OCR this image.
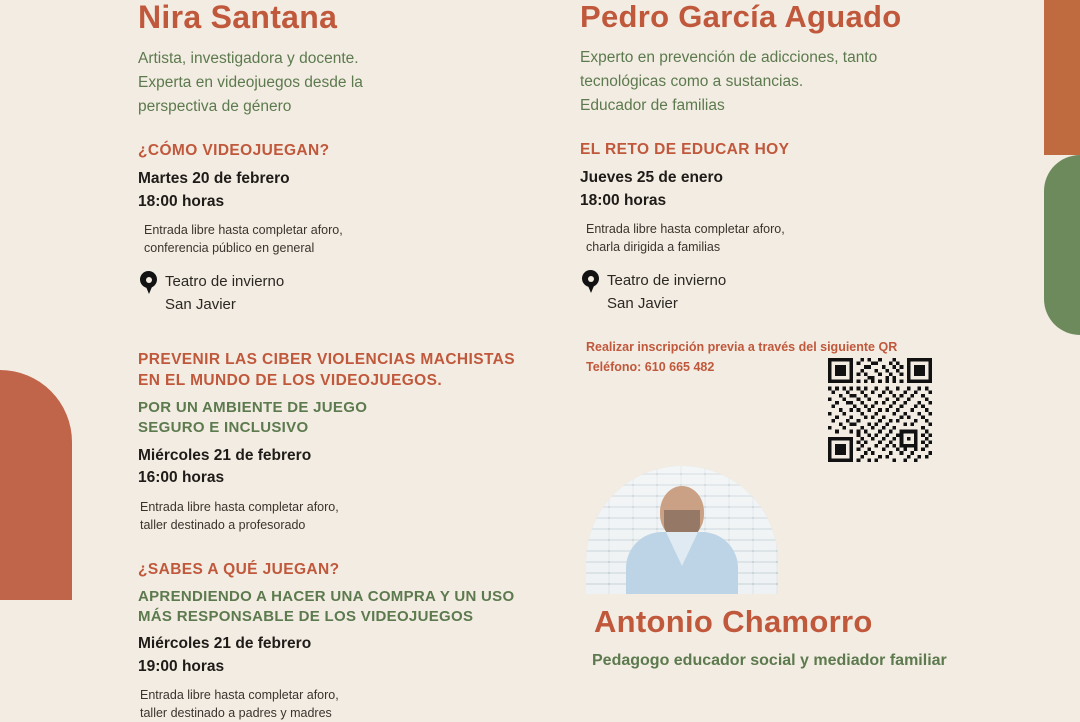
Nira Santana

Artista, investigadora y docente.
Experta en videojuegos desde la
perspectiva de género

¿CÓMO VIDEOJUEGAN?

Martes 20 de febrero
18:00 horas

Entrada libre hasta completar aforo,
conferencia público en general

Teatro de invierno
San Javier

PREVENIR LAS CIBER VIOLENCIAS MACHISTAS
EN EL MUNDO DE LOS VIDEOJUEGOS.

POR UN AMBIENTE DE JUEGO
SEGURO E INCLUSIVO

Miércoles 21 de febrero
16:00 horas

Entrada libre hasta completar aforo,
taller destinado a profesorado

¿SABES A QUÉ JUEGAN?

APRENDIENDO A HACER UNA COMPRA Y UN USO
MÁS RESPONSABLE DE LOS VIDEOJUEGOS

Miércoles 21 de febrero
19:00 horas

Entrada libre hasta completar aforo,
taller destinado a padres y madres

Pedro García Aguado

Experto en prevención de adicciones, tanto
tecnológicas como a sustancias.
Educador de familias

EL RETO DE EDUCAR HOY

Jueves 25 de enero
18:00 horas

Entrada libre hasta completar aforo,
charla dirigida a familias

Teatro de invierno
San Javier

Realizar inscripción previa a través del siguiente QR
Teléfono: 610 665 482

Antonio Chamorro

Pedagogo educador social y mediador familiar
